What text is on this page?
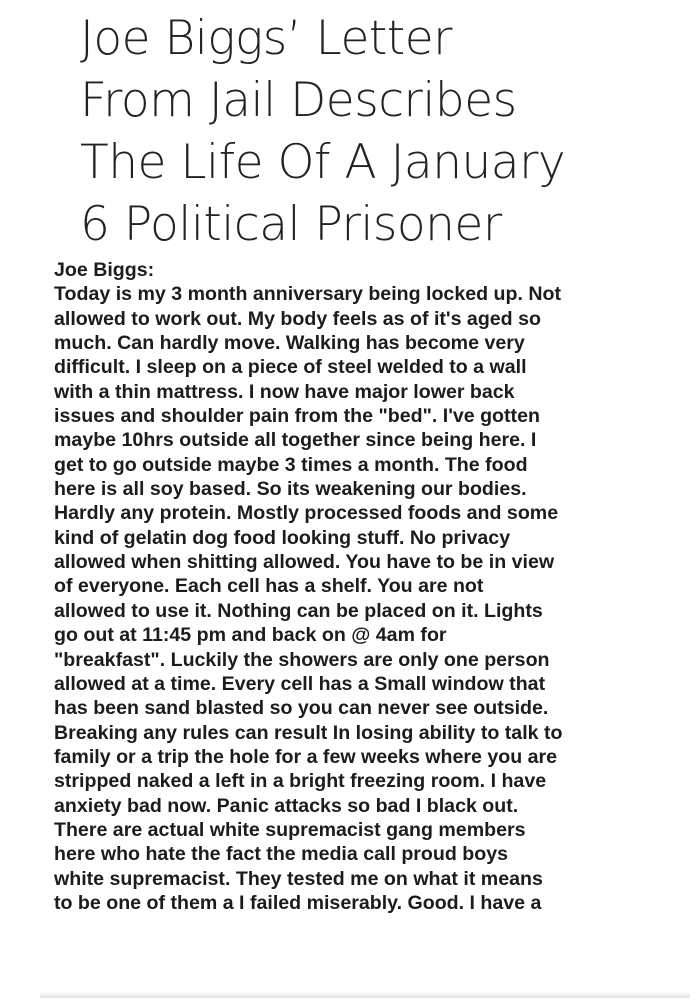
Joe Biggs’ Letter
From Jail Describes
The Life Of A January
6 Political Prisoner
Joe Biggs:
Today is my 3 month anniversary being locked up. Not
allowed to work out. My body feels as of it's aged so
much. Can hardly move. Walking has become very
difficult. I sleep on a piece of steel welded to a wall
with a thin mattress. I now have major lower back
issues and shoulder pain from the "bed". I've gotten
maybe 10hrs outside all together since being here. I
get to go outside maybe 3 times a month. The food
here is all soy based. So its weakening our bodies.
Hardly any protein. Mostly processed foods and some
kind of gelatin dog food looking stuff. No privacy
allowed when shitting allowed. You have to be in view
of everyone. Each cell has a shelf. You are not
allowed to use it. Nothing can be placed on it. Lights
go out at 11:45 pm and back on @ 4am for
"breakfast". Luckily the showers are only one person
allowed at a time. Every cell has a Small window that
has been sand blasted so you can never see outside.
Breaking any rules can result In losing ability to talk to
family or a trip the hole for a few weeks where you are
stripped naked a left in a bright freezing room. I have
anxiety bad now. Panic attacks so bad I black out.
There are actual white supremacist gang members
here who hate the fact the media call proud boys
white supremacist. They tested me on what it means
to be one of them a I failed miserably. Good. I have a
